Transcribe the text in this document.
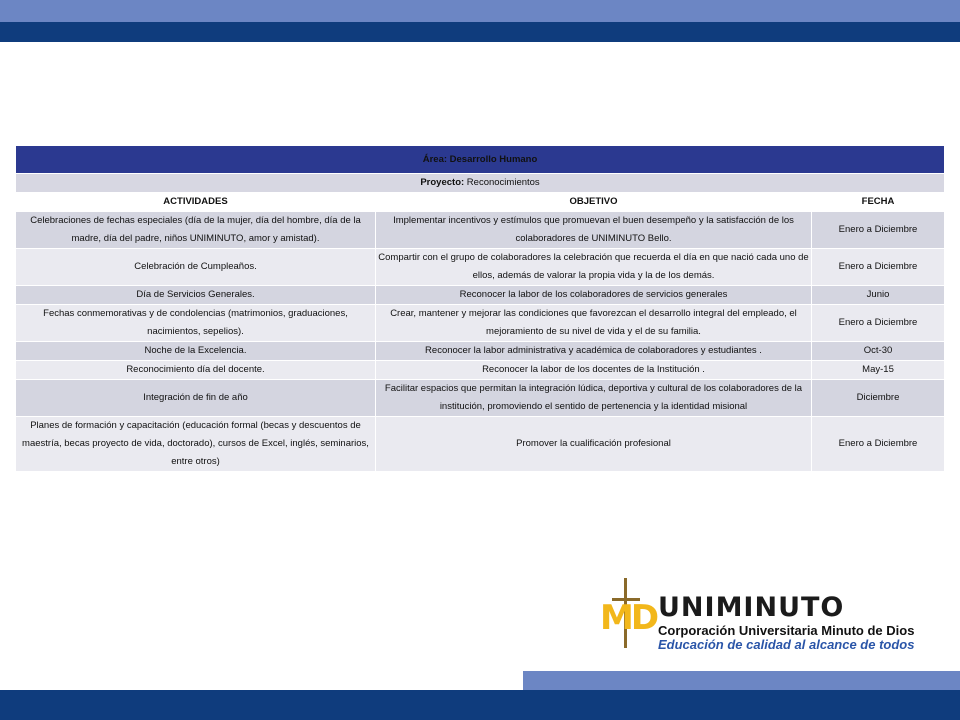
Área: Desarrollo Humano		
Proyecto: Reconocimientos		
ACTIVIDADES	OBJETIVO	FECHA
Celebraciones de fechas especiales (día de la mujer, día del hombre, día de la madre, día del padre, niños UNIMINUTO, amor y amistad).	Implementar incentivos y estímulos que promuevan el buen desempeño y la satisfacción de los colaboradores de UNIMINUTO Bello.	Enero a Diciembre
Celebración de Cumpleaños.	Compartir con el grupo de colaboradores la celebración que recuerda el día en que nació cada uno de ellos, además de valorar la propia vida y la de los demás.	Enero a Diciembre
Día de Servicios Generales.	Reconocer la labor de los colaboradores de servicios generales	Junio
Fechas conmemorativas y de condolencias (matrimonios, graduaciones, nacimientos, sepelios).	Crear, mantener y mejorar las condiciones que favorezcan el desarrollo integral del empleado, el mejoramiento de su nivel de vida y el de su familia.	Enero a Diciembre
Noche de la Excelencia.	Reconocer la labor administrativa y académica de colaboradores y estudiantes .	Oct-30
Reconocimiento día del docente.	Reconocer la labor de los docentes de la Institución .	May-15
Integración de fin de año	Facilitar espacios que permitan la integración lúdica, deportiva y cultural de los colaboradores de la institución, promoviendo el sentido de pertenencia y la identidad misional	Diciembre
Planes de formación y capacitación (educación formal (becas y descuentos de maestría, becas proyecto de vida, doctorado), cursos de Excel, inglés, seminarios, entre otros)	Promover la cualificación profesional	Enero a Diciembre
MD UNIMINUTO
Corporación Universitaria Minuto de Dios
Educación de calidad al alcance de todos
